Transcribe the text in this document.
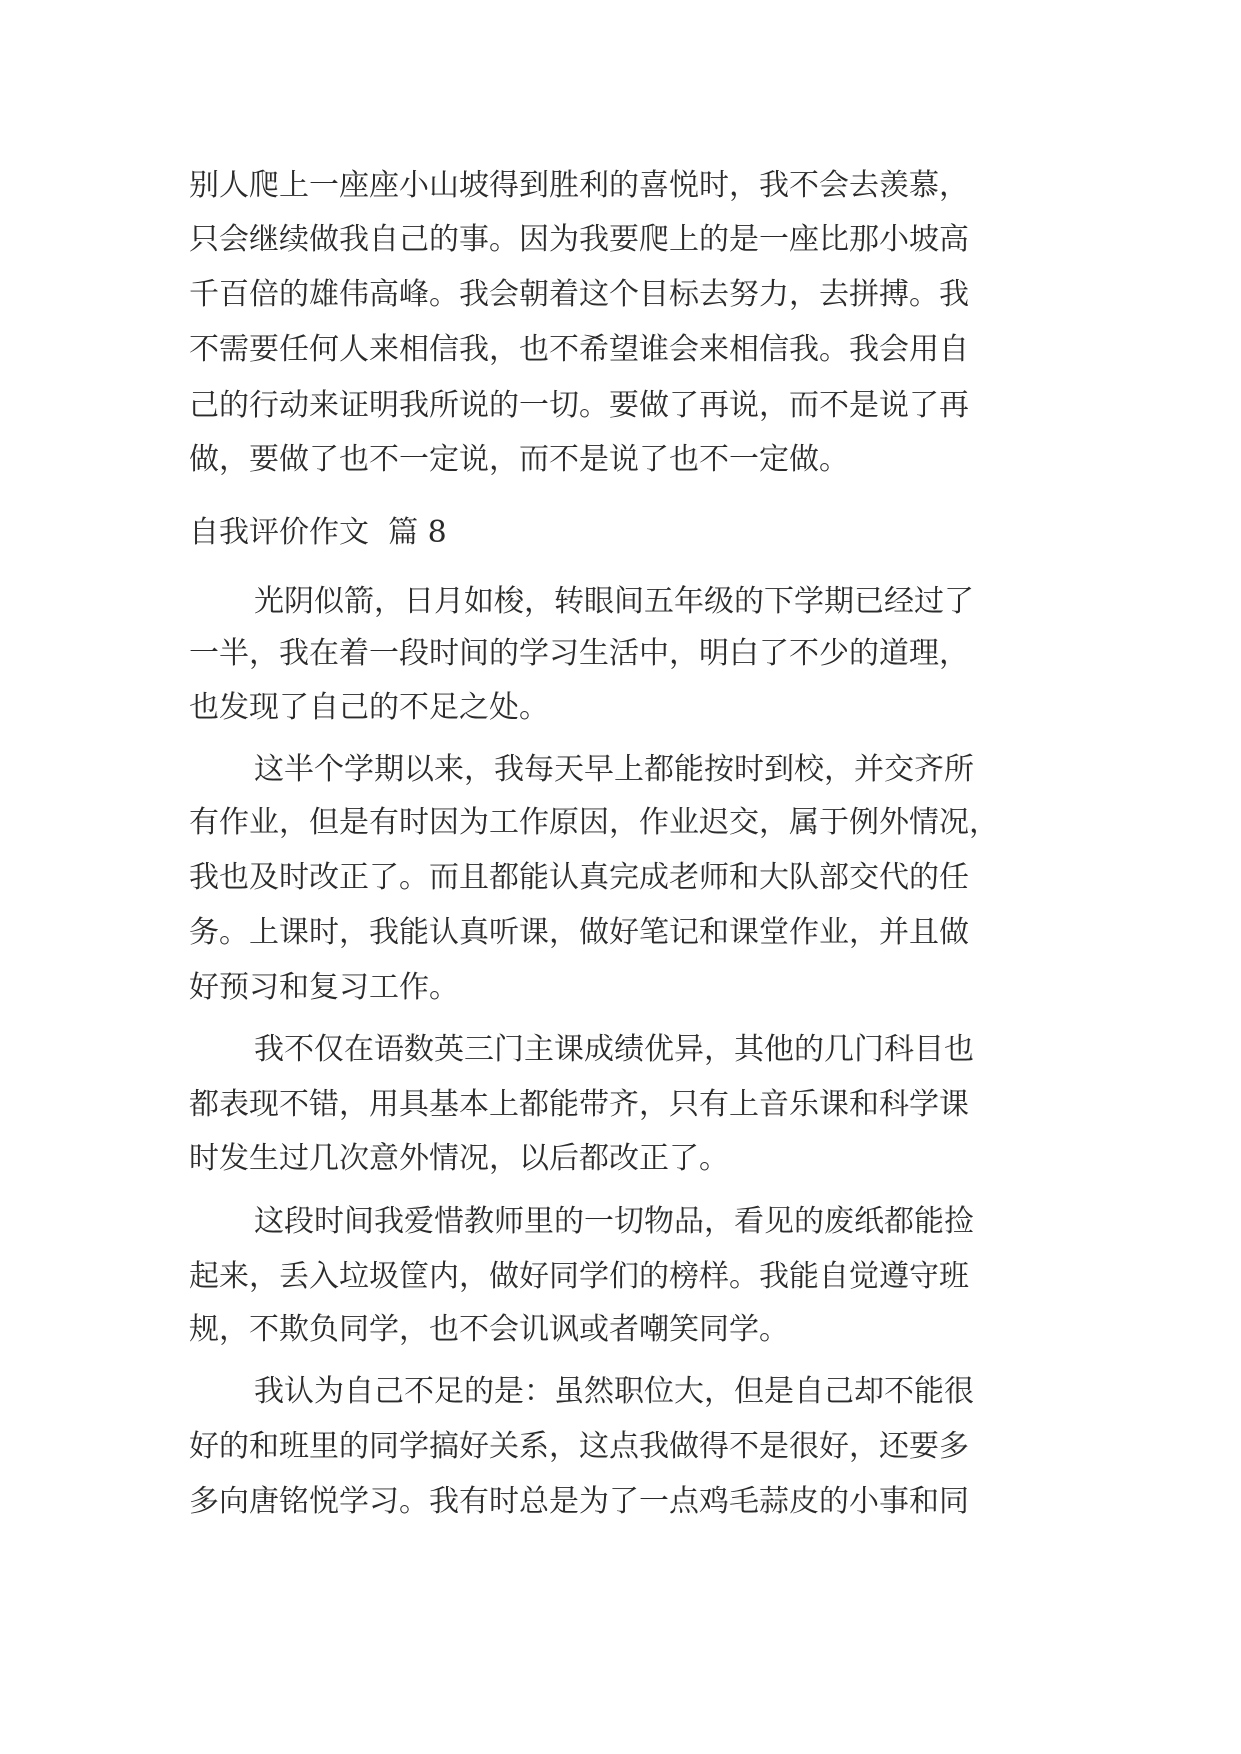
别人爬上一座座小山坡得到胜利的喜悦时，我不会去羡慕，
只会继续做我自己的事。因为我要爬上的是一座比那小坡高
千百倍的雄伟高峰。我会朝着这个目标去努力，去拼搏。我
不需要任何人来相信我，也不希望谁会来相信我。我会用自
己的行动来证明我所说的一切。要做了再说，而不是说了再
做，要做了也不一定说，而不是说了也不一定做。
自我评价作文  篇 8
光阴似箭，日月如梭，转眼间五年级的下学期已经过了
一半，我在着一段时间的学习生活中，明白了不少的道理，
也发现了自己的不足之处。
这半个学期以来，我每天早上都能按时到校，并交齐所
有作业，但是有时因为工作原因，作业迟交，属于例外情况，
我也及时改正了。而且都能认真完成老师和大队部交代的任
务。上课时，我能认真听课，做好笔记和课堂作业，并且做
好预习和复习工作。
我不仅在语数英三门主课成绩优异，其他的几门科目也
都表现不错，用具基本上都能带齐，只有上音乐课和科学课
时发生过几次意外情况，以后都改正了。
这段时间我爱惜教师里的一切物品，看见的废纸都能捡
起来，丢入垃圾筐内，做好同学们的榜样。我能自觉遵守班
规，不欺负同学，也不会讥讽或者嘲笑同学。
我认为自己不足的是：虽然职位大，但是自己却不能很
好的和班里的同学搞好关系，这点我做得不是很好，还要多
多向唐铭悦学习。我有时总是为了一点鸡毛蒜皮的小事和同
